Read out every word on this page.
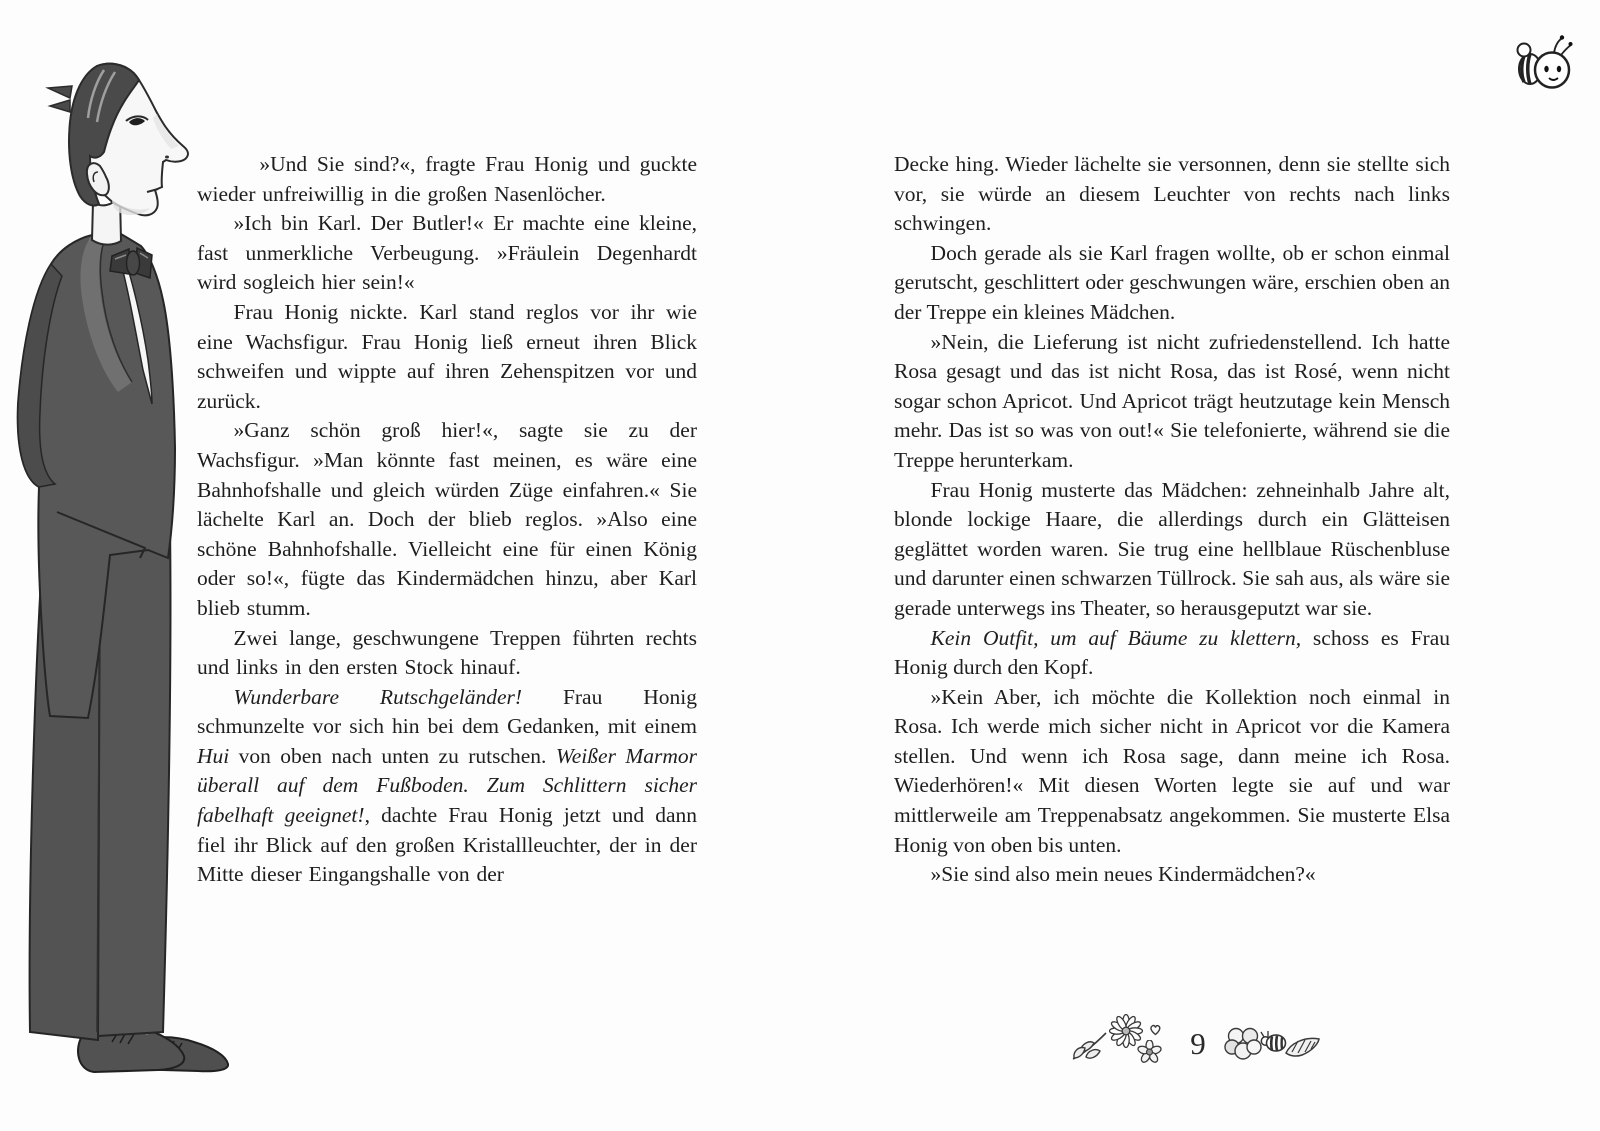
»Und Sie sind?«, fragte Frau Honig und guckte wieder unfreiwillig in die großen Nasenlöcher.

»Ich bin Karl. Der Butler!« Er machte eine kleine, fast unmerkliche Verbeugung. »Fräulein Degenhardt wird sogleich hier sein!«

Frau Honig nickte. Karl stand reglos vor ihr wie eine Wachsfigur. Frau Honig ließ erneut ihren Blick schweifen und wippte auf ihren Zehenspitzen vor und zurück.

»Ganz schön groß hier!«, sagte sie zu der Wachsfigur. »Man könnte fast meinen, es wäre eine Bahnhofshalle und gleich würden Züge einfahren.« Sie lächelte Karl an. Doch der blieb reglos. »Also eine schöne Bahnhofshalle. Vielleicht eine für einen König oder so!«, fügte das Kindermädchen hinzu, aber Karl blieb stumm.

Zwei lange, geschwungene Treppen führten rechts und links in den ersten Stock hinauf.

Wunderbare Rutschgeländer! Frau Honig schmunzelte vor sich hin bei dem Gedanken, mit einem Hui von oben nach unten zu rutschen. Weißer Marmor überall auf dem Fußboden. Zum Schlittern sicher fabelhaft geeignet!, dachte Frau Honig jetzt und dann fiel ihr Blick auf den großen Kristallleuchter, der in der Mitte dieser Eingangshalle von der

Decke hing. Wieder lächelte sie versonnen, denn sie stellte sich vor, sie würde an diesem Leuchter von rechts nach links schwingen.

Doch gerade als sie Karl fragen wollte, ob er schon einmal gerutscht, geschlittert oder geschwungen wäre, erschien oben an der Treppe ein kleines Mädchen.

»Nein, die Lieferung ist nicht zufriedenstellend. Ich hatte Rosa gesagt und das ist nicht Rosa, das ist Rosé, wenn nicht sogar schon Apricot. Und Apricot trägt heutzutage kein Mensch mehr. Das ist so was von out!« Sie telefonierte, während sie die Treppe herunterkam.

Frau Honig musterte das Mädchen: zehneinhalb Jahre alt, blonde lockige Haare, die allerdings durch ein Glätteisen geglättet worden waren. Sie trug eine hellblaue Rüschenbluse und darunter einen schwarzen Tüllrock. Sie sah aus, als wäre sie gerade unterwegs ins Theater, so herausgeputzt war sie.

Kein Outfit, um auf Bäume zu klettern, schoss es Frau Honig durch den Kopf.

»Kein Aber, ich möchte die Kollektion noch einmal in Rosa. Ich werde mich sicher nicht in Apricot vor die Kamera stellen. Und wenn ich Rosa sage, dann meine ich Rosa. Wiederhören!« Mit diesen Worten legte sie auf und war mittlerweile am Treppenabsatz angekommen. Sie musterte Elsa Honig von oben bis unten.

»Sie sind also mein neues Kindermädchen?«

9
